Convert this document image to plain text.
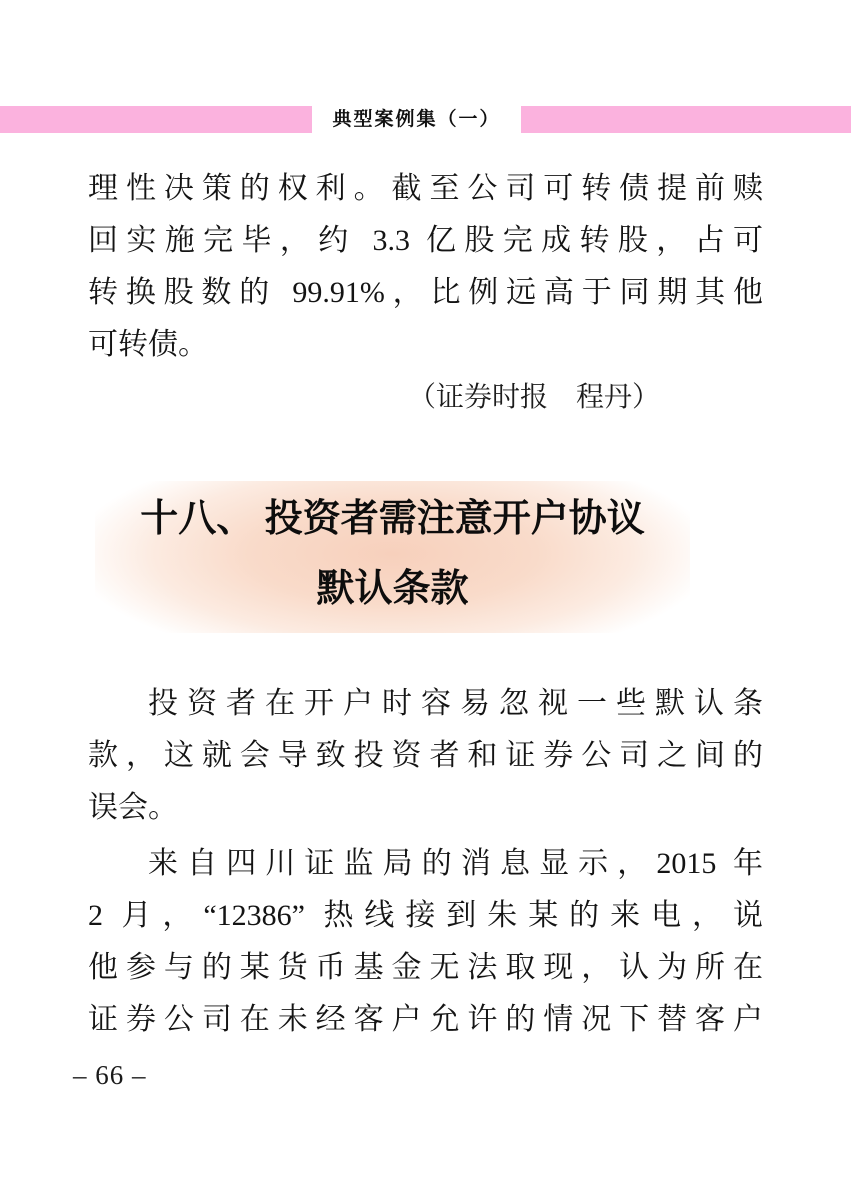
典型案例集（一）
理性决策的权利。截至公司可转债提前赎
回实施完毕，约 3.3 亿股完成转股，占可
转换股数的 99.91%，比例远高于同期其他
可转债。
（证券时报　程丹）
十八、 投资者需注意开户协议
默认条款
投资者在开户时容易忽视一些默认条
款，这就会导致投资者和证券公司之间的
误会。
来自四川证监局的消息显示，2015 年
2 月，“12386” 热线接到朱某的来电，说
他参与的某货币基金无法取现，认为所在
证券公司在未经客户允许的情况下替客户
– 66 –
